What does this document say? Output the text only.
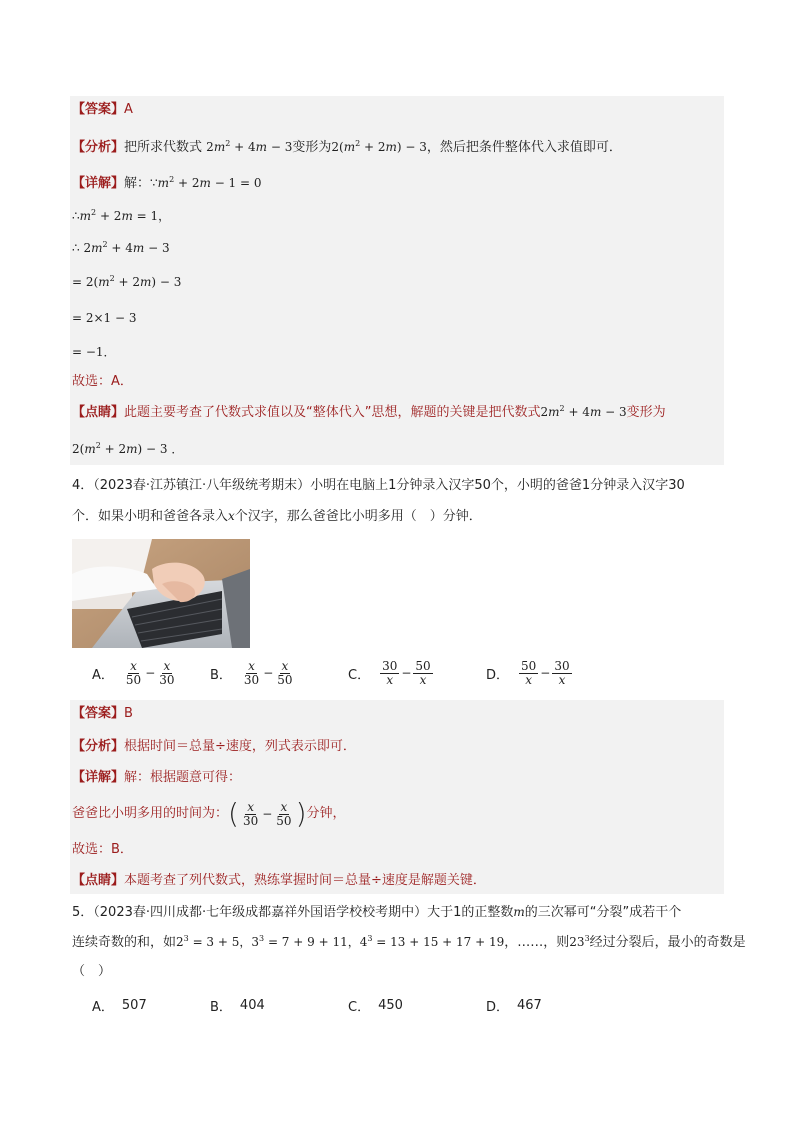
【答案】A
【分析】把所求代数式 $2m^2 + 4m - 3$变形为$2(m^2 + 2m) - 3$，然后把条件整体代入求值即可．
【详解】解：$\because m^2 + 2m - 1 = 0$
$\therefore m^2 + 2m = 1$，
∴ $2m^2 + 4m - 3$
= $2(m^2 + 2m) - 3$
= 2×1 − 3
= −1．
故选：A．
【点睛】此题主要考查了代数式求值以及“整体代入”思想，解题的关键是把代数式$2m^2 + 4m - 3$变形为
$2(m^2 + 2m) - 3$ ．
4．（2023春·江苏镇江·八年级统考期末）小明在电脑上1分钟录入汉字50个，小明的爸爸1分钟录入汉字30
个．如果小明和爸爸各录入x个汉字，那么爸爸比小明多用（　）分钟．
A． $\frac{x}{50} - \frac{x}{30}$	B． $\frac{x}{30} - \frac{x}{50}$	C． $\frac{30}{x} - \frac{50}{x}$	D． $\frac{50}{x} - \frac{30}{x}$
【答案】B
【分析】根据时间＝总量÷速度，列式表示即可．
【详解】解：根据题意可得：
爸爸比小明多用的时间为： ( $\frac{x}{30} - \frac{x}{50}$ ) 分钟，
故选：B．
【点睛】本题考查了列代数式，熟练掌握时间＝总量÷速度是解题关键．
5．（2023春·四川成都·七年级成都嘉祥外国语学校校考期中）大于1的正整数m的三次幂可“分裂”成若干个
连续奇数的和，如$2^3 = 3 + 5$，$3^3 = 7 + 9 + 11$，$4^3 = 13 + 15 + 17 + 19$，……，则$23^3$经过分裂后，最小的奇数是
（　）
A． 507	B． 404	C． 450	D． 467
